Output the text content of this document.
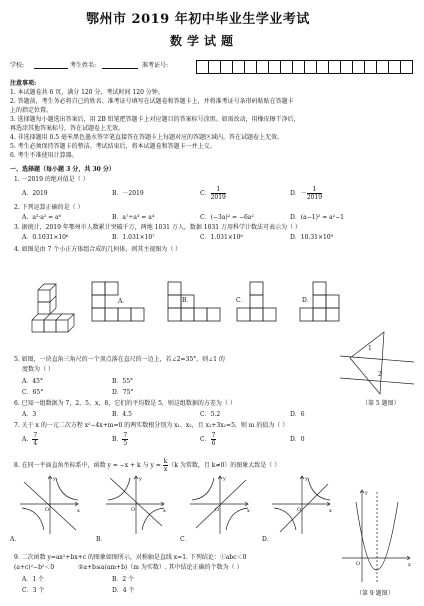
鄂州市 2019 年初中毕业生学业考试
数学试题
学校:	考生姓名:	准考证号:
注意事项:
1. 本试题卷共 6 页，满分 120 分，考试时间 120 分钟。
2. 答题前，考生务必将自己的姓名、准考证号填写在试题卷和答题卡上，并将准考证号条形码粘贴在答题卡
上的指定位置。
3. 选择题每小题选出答案后，用 2B 铅笔把答题卡上对应题目的答案标号涂黑。如需改动，用橡皮擦干净后，
再选涂其他答案标号，答在试题卷上无效。
4. 非选择题用 0.5 毫米黑色墨水签字笔直接答在答题卡上每题对应的答题区域内，答在试题卷上无效。
5. 考生必须保持答题卡的整洁。考试结束后，将本试题卷和答题卡一并上交。
6. 考生不准使用计算器。
一、选择题（每小题 3 分，共 30 分）
1. －2019 的绝对值是（ ）
A．2019	B．－2019	C． $\frac{1}{2019}$	D．－ $\frac{1}{2019}$
2. 下列运算正确的是（ ）
A．a³·a² = a⁶	B．a⁷÷a³ = a⁴	C．(−3a)² = −6a²	D．(a−1)² = a²−1
3. 据统计，2019 年鄂州市人数累计突破千万，两地 1031 万人，数据 1031 万用科学计数法可表示为（ ）
A．0.1031×10⁶	B．1.031×10⁷	C．1.031×10⁸	D．10.31×10⁹
4. 如图是由 7 个小正方体组合成的几何体，则其主视图为（ ）
A．	B．	C．	D．
5. 如图，一块直角三角尺的一个顶点落在直尺的一边上，若∠2=35°，则∠1 的
度数为（ ）
A．45°	B．55°
C．65°	D．75°
1
2
6. 已知一组数据为 7，2，5，x，8，它们的平均数是 5，则这组数据的方差为（ ）	（第 5 题图）
A．3	B．4.5	C．5.2	D．6
7. 关于 x 的一元二次方程 x²−4x+m=0 的两实数根分别为 x₁、x₂，且 x₁+3x₂=5，则 m 的值为（ ）
A． $\frac{7}{4}$	B． $\frac{7}{5}$	C． $\frac{7}{6}$	D．0
8. 在同一平面直角坐标系中，函数 y = −x + k 与 $y = \frac{k}{x} (k$ 为常数，且 k≠0）的图象大致是（ ）
x
y
O
A．
x
y
O
B．
x
y
O
C．
x
y
O
D．
x
y
O
（第 9 题图）
9. 二次函数 y=ax²+bx+c 的图象如图所示，对称轴是直线 x=1. 下列结论：①abc＜0
(a+c)²−b²＜0	②a+b≤a(am+b)（m 为实数）. 其中结论正确的个数为（ ）
A．1 个	B．2 个
C．3 个	D．4 个
